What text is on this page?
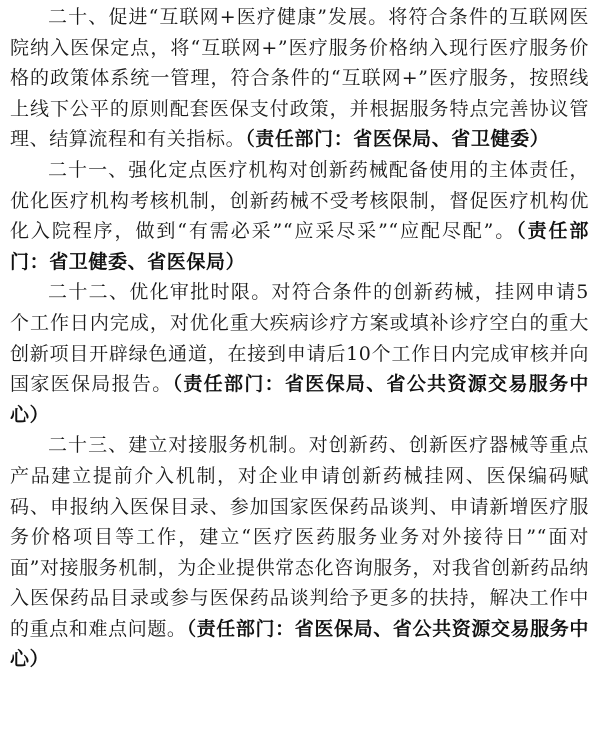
二十、促进“互联网+医疗健康”发展。将符合条件的互联网医院纳入医保定点，将“互联网+”医疗服务价格纳入现行医疗服务价格的政策体系统一管理，符合条件的“互联网+”医疗服务，按照线上线下公平的原则配套医保支付政策，并根据服务特点完善协议管理、结算流程和有关指标。（责任部门：省医保局、省卫健委）

二十一、强化定点医疗机构对创新药械配备使用的主体责任，优化医疗机构考核机制，创新药械不受考核限制，督促医疗机构优化入院程序，做到“有需必采”“应采尽采”“应配尽配”。（责任部门：省卫健委、省医保局）

二十二、优化审批时限。对符合条件的创新药械，挂网申请5个工作日内完成，对优化重大疾病诊疗方案或填补诊疗空白的重大创新项目开辟绿色通道，在接到申请后10个工作日内完成审核并向国家医保局报告。（责任部门：省医保局、省公共资源交易服务中心）

二十三、建立对接服务机制。对创新药、创新医疗器械等重点产品建立提前介入机制，对企业申请创新药械挂网、医保编码赋码、申报纳入医保目录、参加国家医保药品谈判、申请新增医疗服务价格项目等工作，建立“医疗医药服务业务对外接待日”“面对面”对接服务机制，为企业提供常态化咨询服务，对我省创新药品纳入医保药品目录或参与医保药品谈判给予更多的扶持，解决工作中的重点和难点问题。（责任部门：省医保局、省公共资源交易服务中心）
